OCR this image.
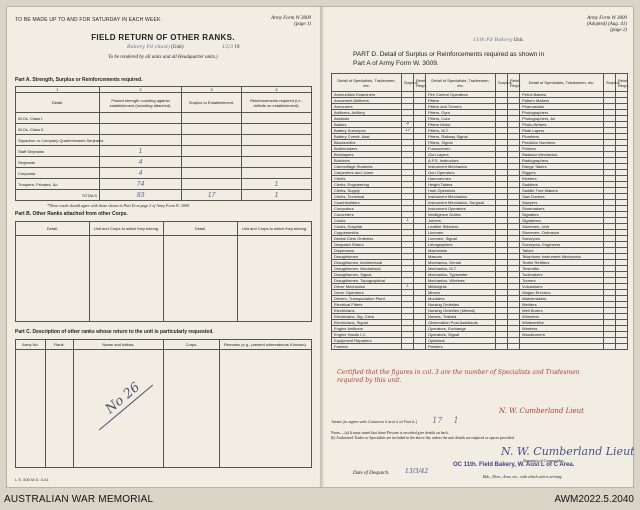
TO BE MADE UP TO AND FOR SATURDAY IN EACH WEEK.	Army Form W 3009
(page 1)
FIELD RETURN OF OTHER RANKS.
Bakery Fd (Aust) (Unit)	12/3 19
To be rendered by all units and all Headquarter units.)
Part A. Strength, Surplus or Reinforcements required.
1	2	3	4
Detail.	Posted strength counting against establishment (including attached).	Surplus to Establishment.	Reinforcements required (i.e., deficits on establishment).
W.Os. Class I.			
W.Os. Class II.			
Squadron or Company Quartermaster-Serjeants			
Staff Serjeants	1		
Serjeants	4		
Corporals	4		
Troopers, Privates, &c.	74		1
TOTALS	83	17	1
*These totals should agree with those shown in Part D on page 2 of Army Form W. 3009.
Part B. Other Ranks attached from other Corps.
Detail.	Unit and Corps to which they belong.	Detail.	Unit and Corps to which they belong.

Part C. Description of other ranks whose return to the unit is particularly requested.
Army No.	Rank.	Name and Initials.	Corps.	Remarks (e.g., present whereabouts if known).

No 26
L.S. 500 M.D. 3-41
Army Form W 3009
(Adopted) (Aug. 41)
(page 2)
11th Fd Bakery Unit.
PART D. Detail of Surplus or Reinforcements required as shown in
Part A of Army Form W. 3009.
Detail of Specialists, Tradesmen, etc.	Surplus	Reinf. Reqd.	Detail of Specialists, Tradesmen, etc.	Surplus	Reinf. Reqd.	Detail of Specialists, Tradesmen, etc.	Surplus	Reinf. Reqd.
Ammunition Examiners			Fire Control Operators			Petrol Bakers		
Armament Artificers			Fitters			Pattern Makers		
Armourers			Fitters and Turners			Pharmacists		
Artificers, Artillery			Fitters, Gyro			Photographers		
Assistan			Fitters, Loco			Photographers, Air		
Bakers	4		Fitters Motor			Photo-Writers		
Battery Surveyors	12		Fitters, M.T.			Plate Layers		
Battery Comdr. Asst.			Fitters, Railway Signal			Plumbers		
Blacksmiths			Fitters, Signal			Predictor Numbers		
Boilermakers			Furnacemen			Printers		
Bricklayers			Gun Layers			Radiator Mechanics		
Butchers			A.F.S. Instructors			Radiographers		
Camouflage Students			Instrument Mechanics			Range Takers		
Carpenters and Joiner			Gun Operators			Riggers		
Clerks			Hammermen			Riveters		
Clerks, Engineering			Height Takers			Saddlers		
Clerks, Supply			Hole Operators			Saddle Tree Makers		
Clerks, Technical			Instrument Mechanics			Saw Doctors		
Coachbuilders			Instrument Mechanics, Surgical			Sawyers		
Computors			Instrument Operators			Shoemakers		
Concreters			Intelligence Duties			Signalers		
Cooks	1		Joiners			Signalmen		
Cooks, Hospital			Leather Stitchers			Storemen, Unit		
Coppersmiths			Linemen			Storemen, Ordnance		
Dental Clerk Orderlies			Linemen, Signal			Surveyors		
Despatch Riders			Lithographers			Surveyors, Engineers		
Dispensers			Machinists			Tailors		
Draughtsmen			Masons			Telephone Instrument Mechanics		
Draughtsmen, Architectural			Mechanics, Dental			Textile Refitters		
Draughtsmen, Mechanical			Mechanics, M.T.			Tinsmiths		
Draughtsmen, Signal			Mechanics, Typewriter			Toolmakers		
Draughtsmen, Topographical			Mechanics, Wireless			Turners		
Driver Mechanics	1		Millwrights			Vulcanisers		
Driver Operators			Miners			Wagon Erectors		
Drivers, Transportation Plant			Moulders			Watchmakers		
Electrical Fitters			Nursing Orderlies			Welders		
Electricians			Nursing Orderlies (Mental)			Well Borers		
Electricians, Sig. Clerk			Nurses, Trained			Wheelers		
Electricians, Signal			Observation Post Assistants			Whitesmiths		
Engine Artificers			Operators, Exchange			Wireless		
Engine Hands I.C.			Operators, Signal			Woodturners		
Equipment Repairers			Opticians					
Farriers			Painters					
Certified that the figures in col. 3 are the number of Specialists and Tradesmen required by this unit.
N. W. Cumberland Lieut
Totals (to agree with Columns 3 and 4 of Part A.) 17 1
Notes.—(a) It must stated that those Privates is recorded give details on back.
(b) Authorized Trades or Specialists are included in the above list, unless the unit details are required as spaces provided.
N. W. Cumberland Lieut
Signature of Commander.
OC 11th. Field Bakery, W. Aust L of C Area.
Date of Despatch.	13/3/42
Bde., Divn., Area, etc., with which unit is serving.
AUSTRALIAN WAR MEMORIAL	AWM2022.5.2040
